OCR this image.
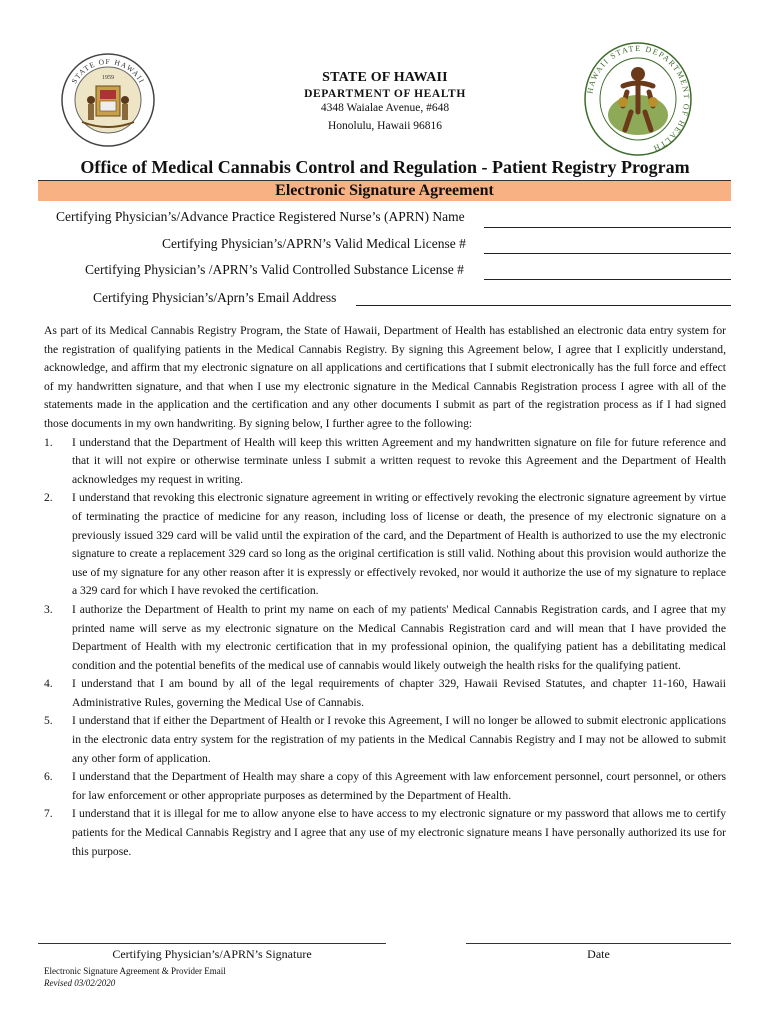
STATE OF HAWAII
1959
HAWAII STATE DEPARTMENT OF HEALTH
STATE OF HAWAII
DEPARTMENT OF HEALTH
4348 Waialae Avenue, #648
Honolulu, Hawaii 96816
Office of Medical Cannabis Control and Regulation - Patient Registry Program
Electronic Signature Agreement
Certifying Physician’s/Advance Practice Registered Nurse’s (APRN) Name
Certifying Physician’s/APRN’s Valid Medical License #
Certifying Physician’s /APRN’s Valid Controlled Substance License #
Certifying Physician’s/Aprn’s Email Address

As part of its Medical Cannabis Registry Program, the State of Hawaii, Department of Health has established an electronic data entry system for the registration of qualifying patients in the Medical Cannabis Registry. By signing this Agreement below, I agree that I explicitly understand, acknowledge, and affirm that my electronic signature on all applications and certifications that I submit electronically has the full force and effect of my handwritten signature, and that when I use my electronic signature in the Medical Cannabis Registration process I agree with all of the statements made in the application and the certification and any other documents I submit as part of the registration process as if I had signed those documents in my own handwriting. By signing below, I further agree to the following:

1. I understand that the Department of Health will keep this written Agreement and my handwritten signature on file for future reference and that it will not expire or otherwise terminate unless I submit a written request to revoke this Agreement and the Department of Health acknowledges my request in writing.
2. I understand that revoking this electronic signature agreement in writing or effectively revoking the electronic signature agreement by virtue of terminating the practice of medicine for any reason, including loss of license or death, the presence of my electronic signature on a previously issued 329 card will be valid until the expiration of the card, and the Department of Health is authorized to use the my electronic signature to create a replacement 329 card so long as the original certification is still valid. Nothing about this provision would authorize the use of my signature for any other reason after it is expressly or effectively revoked, nor would it authorize the use of my signature to replace a 329 card for which I have revoked the certification.
3. I authorize the Department of Health to print my name on each of my patients' Medical Cannabis Registration cards, and I agree that my printed name will serve as my electronic signature on the Medical Cannabis Registration card and will mean that I have provided the Department of Health with my electronic certification that in my professional opinion, the qualifying patient has a debilitating medical condition and the potential benefits of the medical use of cannabis would likely outweigh the health risks for the qualifying patient.
4. I understand that I am bound by all of the legal requirements of chapter 329, Hawaii Revised Statutes, and chapter 11-160, Hawaii Administrative Rules, governing the Medical Use of Cannabis.
5. I understand that if either the Department of Health or I revoke this Agreement, I will no longer be allowed to submit electronic applications in the electronic data entry system for the registration of my patients in the Medical Cannabis Registry and I may not be allowed to submit any other form of application.
6. I understand that the Department of Health may share a copy of this Agreement with law enforcement personnel, court personnel, or others for law enforcement or other appropriate purposes as determined by the Department of Health.
7. I understand that it is illegal for me to allow anyone else to have access to my electronic signature or my password that allows me to certify patients for the Medical Cannabis Registry and I agree that any use of my electronic signature means I have personally authorized its use for this purpose.
Certifying Physician’s/APRN’s Signature	Date
Electronic Signature Agreement & Provider Email
Revised 03/02/2020
